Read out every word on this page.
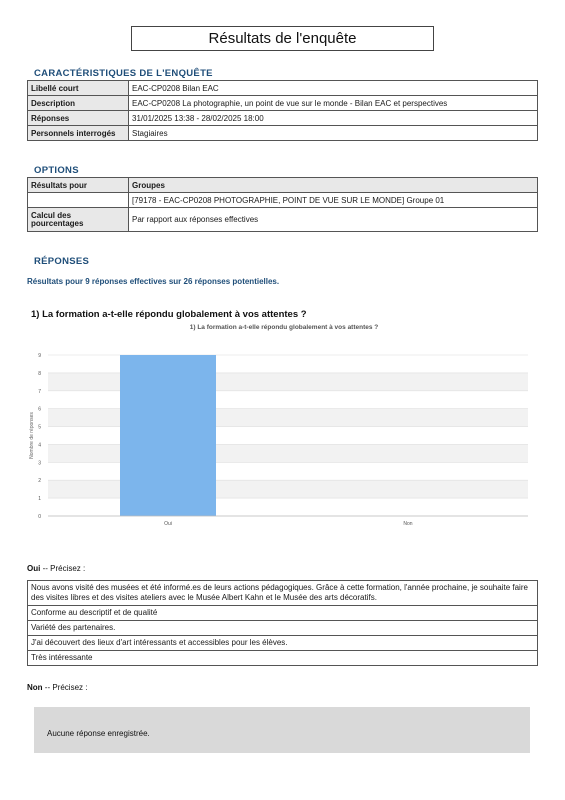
Résultats de l'enquête
CARACTÉRISTIQUES DE L'ENQUÊTE
Libellé court	EAC-CP0208 Bilan EAC
Description	EAC-CP0208 La photographie, un point de vue sur le monde - Bilan EAC et perspectives
Réponses	31/01/2025 13:38 - 28/02/2025 18:00
Personnels interrogés	Stagiaires
OPTIONS
Résultats pour	Groupes
	[79178 - EAC-CP0208 PHOTOGRAPHIE, POINT DE VUE SUR LE MONDE] Groupe 01
Calcul des pourcentages	Par rapport aux réponses effectives
RÉPONSES
Résultats pour 9 réponses effectives sur 26 réponses potentielles.
1) La formation a-t-elle répondu globalement à vos attentes ?
1) La formation a-t-elle répondu globalement à vos attentes ?
0
1
2
3
4
5
6
7
8
9
Nombre de réponses
Oui	Non
Oui -- Précisez :
Nous avons visité des musées et été informé.es de leurs actions pédagogiques. Grâce à cette formation, l'année prochaine, je souhaite faire des visites libres et des visites ateliers avec le Musée Albert Kahn et le Musée des arts décoratifs.
Conforme au descriptif et de qualité
Variété des partenaires.
J'ai découvert des lieux d'art intéressants et accessibles pour les élèves.
Très intéressante
Non -- Précisez :
Aucune réponse enregistrée.
